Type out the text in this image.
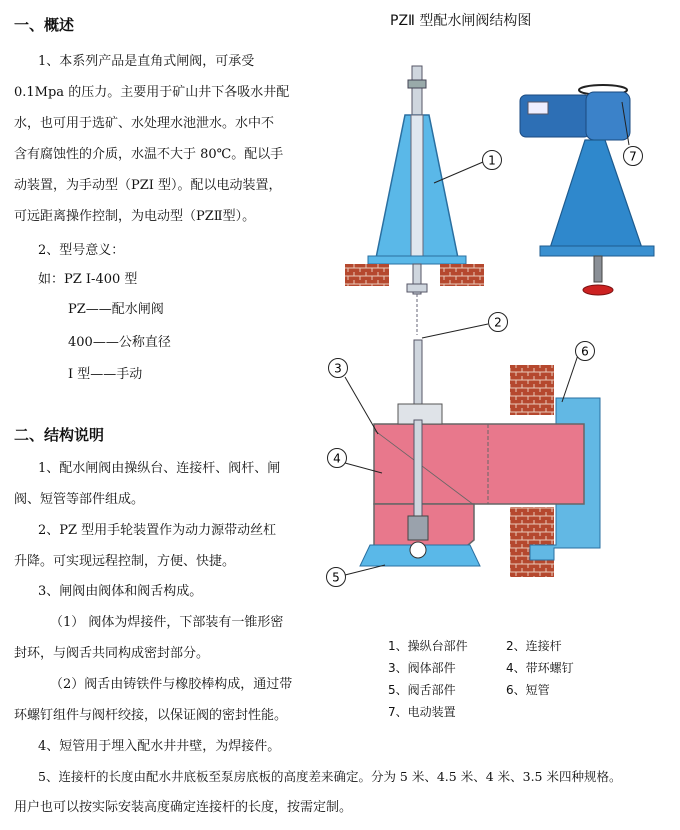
一、概述
1、本系列产品是直角式闸阀，可承受
0.1Mpa 的压力。主要用于矿山井下各吸水井配
水，也可用于选矿、水处理水池泄水。水中不
含有腐蚀性的介质，水温不大于 80℃。配以手
动装置，为手动型（PZI 型）。配以电动装置，
可远距离操作控制，为电动型（PZⅡ型）。
2、型号意义：
如：PZ I-400 型
PZ——配水闸阀
400——公称直径
I 型——手动
二、结构说明
1、配水闸阀由操纵台、连接杆、阀杆、闸
阀、短管等部件组成。
2、PZ 型用手轮装置作为动力源带动丝杠
升降。可实现远程控制，方便、快捷。
3、闸阀由阀体和阀舌构成。
（1） 阀体为焊接件，下部装有一锥形密
封环，与阀舌共同构成密封部分。
（2）阀舌由铸铁件与橡胶棒构成，通过带
环螺钉组件与阀杆绞接，以保证阀的密封性能。
4、短管用于埋入配水井井壁，为焊接件。
5、连接杆的长度由配水井底板至泵房底板的高度差来确定。分为 5 米、4.5 米、4 米、3.5 米四种规格。
用户也可以按实际安装高度确定连接杆的长度，按需定制。
PZⅡ 型配水闸阀结构图
1
2
3
4
5
6
7
1、操纵台部件	2、连接杆
3、阀体部件	4、带环螺钉
5、阀舌部件	6、短管
7、电动装置
